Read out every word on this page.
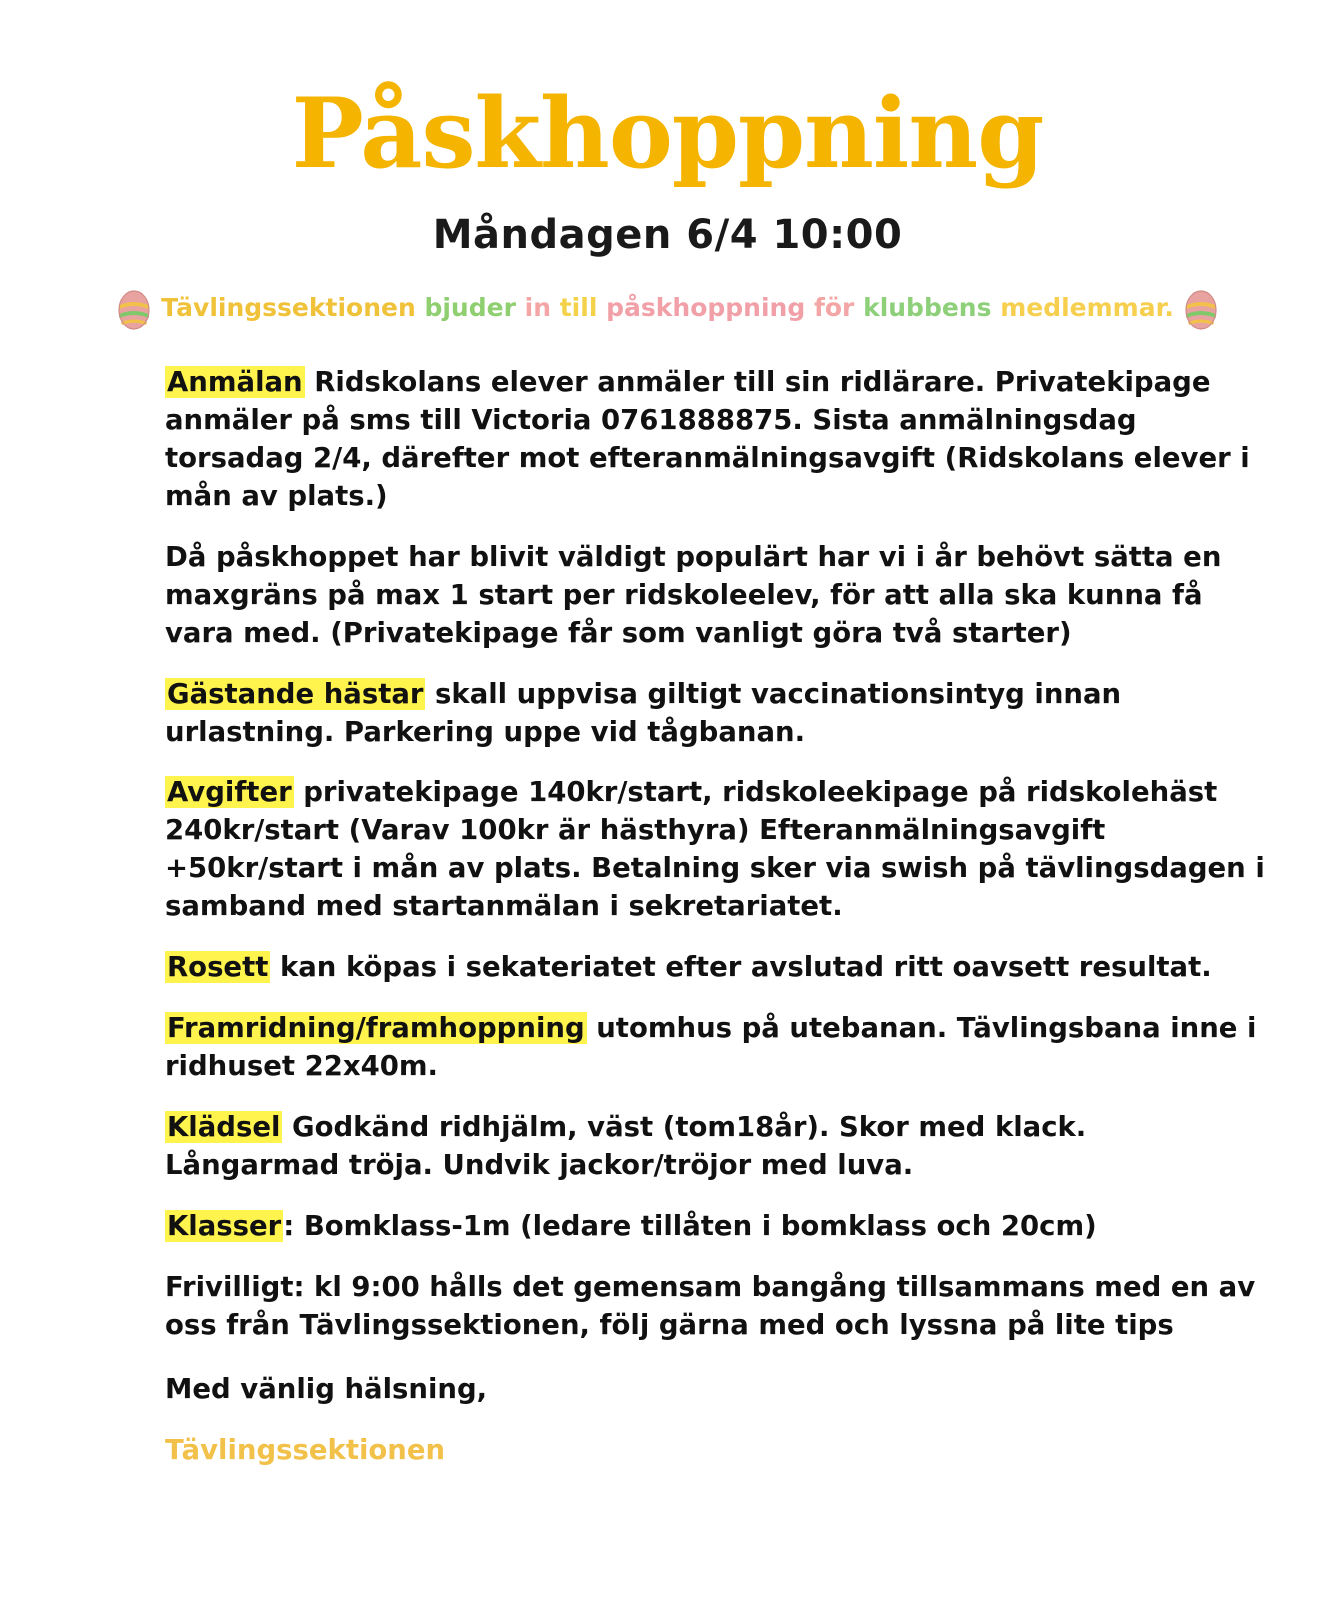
Påskhoppning
Måndagen 6/4 10:00
Tävlingssektionen bjuder in till påskhoppning för klubbens medlemmar.

Anmälan Ridskolans elever anmäler till sin ridlärare. Privatekipage anmäler på sms till Victoria 0761888875. Sista anmälningsdag torsadag 2/4, därefter mot efteranmälningsavgift (Ridskolans elever i mån av plats.)

Då påskhoppet har blivit väldigt populärt har vi i år behövt sätta en maxgräns på max 1 start per ridskoleelev, för att alla ska kunna få vara med. (Privatekipage får som vanligt göra två starter)

Gästande hästar skall uppvisa giltigt vaccinationsintyg innan urlastning. Parkering uppe vid tågbanan.

Avgifter privatekipage 140kr/start, ridskoleekipage på ridskolehäst 240kr/start (Varav 100kr är hästhyra) Efteranmälningsavgift +50kr/start i mån av plats. Betalning sker via swish på tävlingsdagen i samband med startanmälan i sekretariatet.

Rosett kan köpas i sekateriatet efter avslutad ritt oavsett resultat.

Framridning/framhoppning utomhus på utebanan. Tävlingsbana inne i ridhuset 22x40m.

Klädsel Godkänd ridhjälm, väst (tom18år). Skor med klack. Långarmad tröja. Undvik jackor/tröjor med luva.

Klasser: Bomklass-1m (ledare tillåten i bomklass och 20cm)

Frivilligt: kl 9:00 hålls det gemensam bangång tillsammans med en av oss från Tävlingssektionen, följ gärna med och lyssna på lite tips

Med vänlig hälsning,

Tävlingssektionen
